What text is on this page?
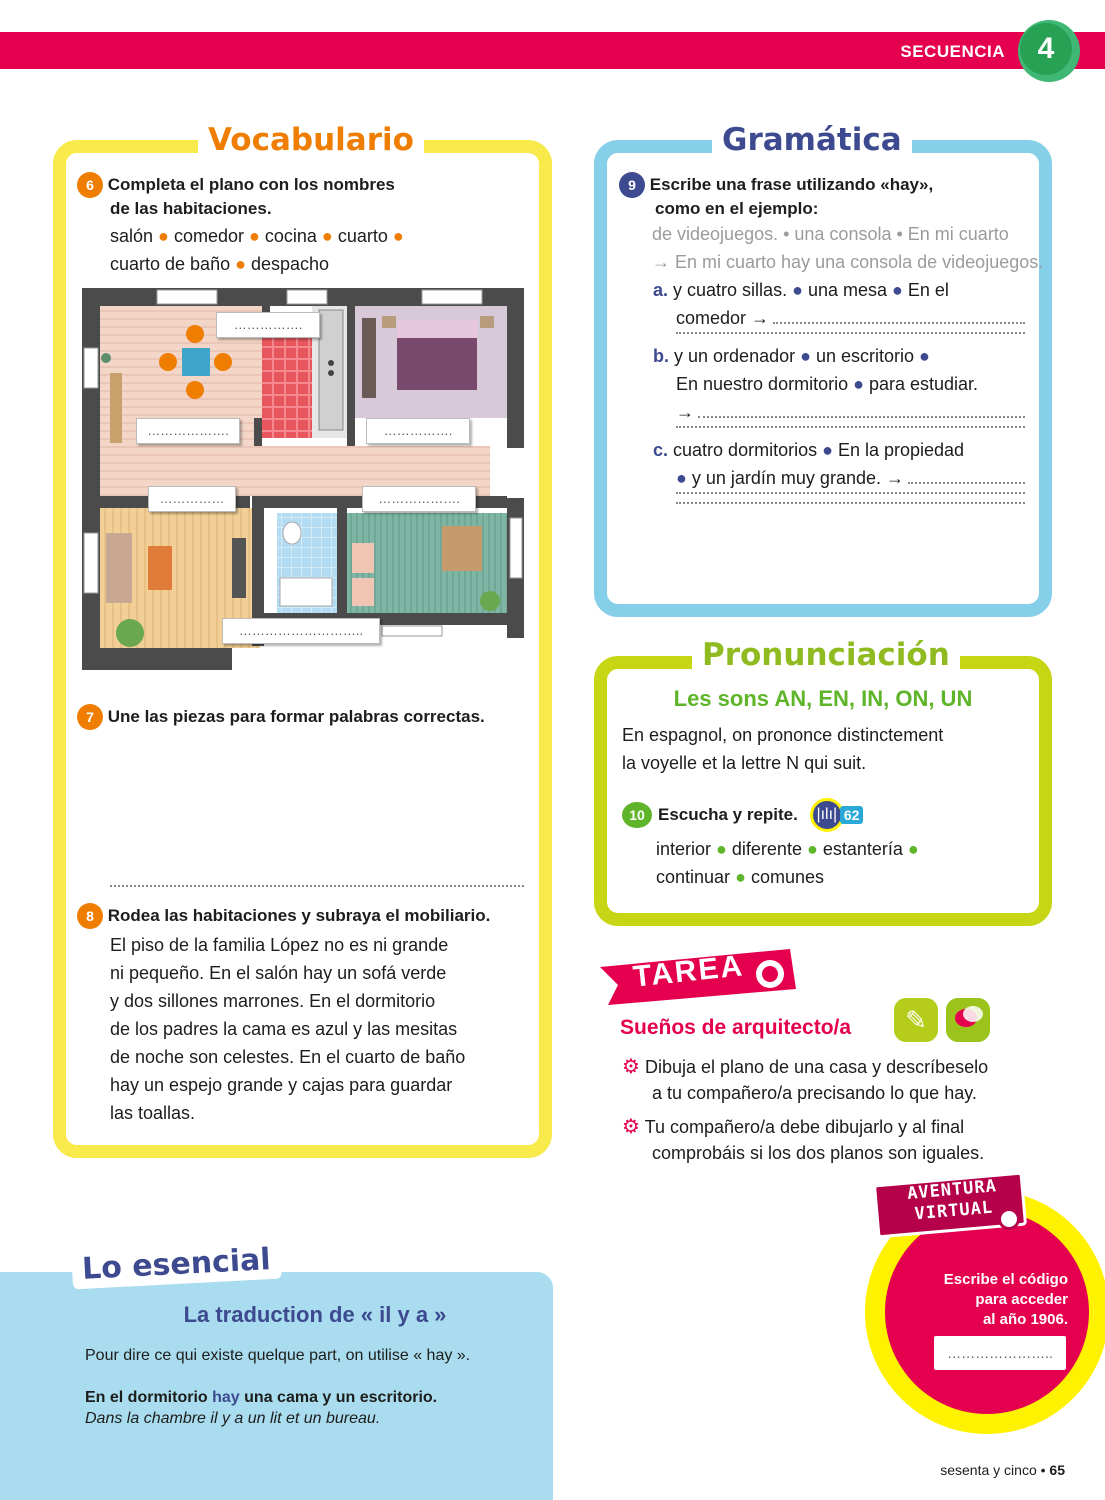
SECUENCIA	4
Vocabulario
6 Completa el plano con los nombres
de las habitaciones.
salón ● comedor ● cocina ● cuarto ●
cuarto de baño ● despacho
…………….
……………….	…………….
……………	……………….
………………………..
7 Une las piezas para formar palabras correctas.
8 Rodea las habitaciones y subraya el mobiliario.
El piso de la familia López no es ni grande
ni pequeño. En el salón hay un sofá verde
y dos sillones marrones. En el dormitorio
de los padres la cama es azul y las mesitas
de noche son celestes. En el cuarto de baño
hay un espejo grande y cajas para guardar
las toallas.
Gramática
9 Escribe una frase utilizando «hay»,
como en el ejemplo:
de videojuegos. • una consola • En mi cuarto
→ En mi cuarto hay una consola de videojuegos.
a. y cuatro sillas. ● una mesa ● En el
comedor →
b. y un ordenador ● un escritorio ●
En nuestro dormitorio ● para estudiar.
→
c. cuatro dormitorios ● En la propiedad
● y un jardín muy grande. →
Pronunciación
Les sons AN, EN, IN, ON, UN
En espagnol, on prononce distinctement
la voyelle et la lettre N qui suit.
10 Escucha y repite.	|ılı| 62
interior ● diferente ● estantería ●
continuar ● comunes
TAREA
Sueños de arquitecto/a	✎
⚙ Dibuja el plano de una casa y descríbeselo
a tu compañero/a precisando lo que hay.
⚙ Tu compañero/a debe dibujarlo y al final
comprobáis si los dos planos son iguales.
Lo esencial
La traduction de « il y a »
Pour dire ce qui existe quelque part, on utilise « hay ».
En el dormitorio hay una cama y un escritorio.
Dans la chambre il y a un lit et un bureau.
AVENTURA
VIRTUAL
Escribe el código
para acceder
al año 1906.
…………………..
sesenta y cinco • 65
